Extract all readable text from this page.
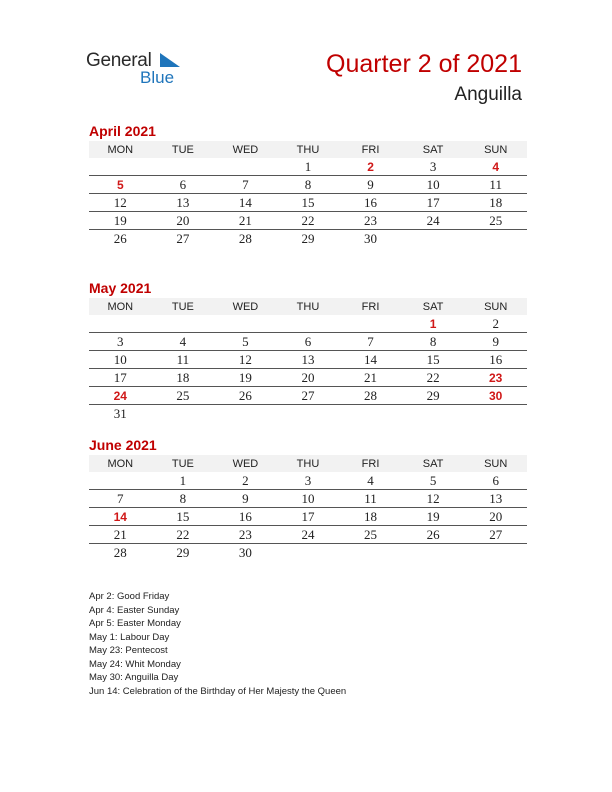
General
Blue	Quarter 2 of 2021
Anguilla
April 2021
MON	TUE	WED	THU	FRI	SAT	SUN
			1	2	3	4
5	6	7	8	9	10	11
12	13	14	15	16	17	18
19	20	21	22	23	24	25
26	27	28	29	30		
May 2021
MON	TUE	WED	THU	FRI	SAT	SUN
					1	2
3	4	5	6	7	8	9
10	11	12	13	14	15	16
17	18	19	20	21	22	23
24	25	26	27	28	29	30
31						
June 2021
MON	TUE	WED	THU	FRI	SAT	SUN
	1	2	3	4	5	6
7	8	9	10	11	12	13
14	15	16	17	18	19	20
21	22	23	24	25	26	27
28	29	30				
Apr 2: Good Friday
Apr 4: Easter Sunday
Apr 5: Easter Monday
May 1: Labour Day
May 23: Pentecost
May 24: Whit Monday
May 30: Anguilla Day
Jun 14: Celebration of the Birthday of Her Majesty the Queen
